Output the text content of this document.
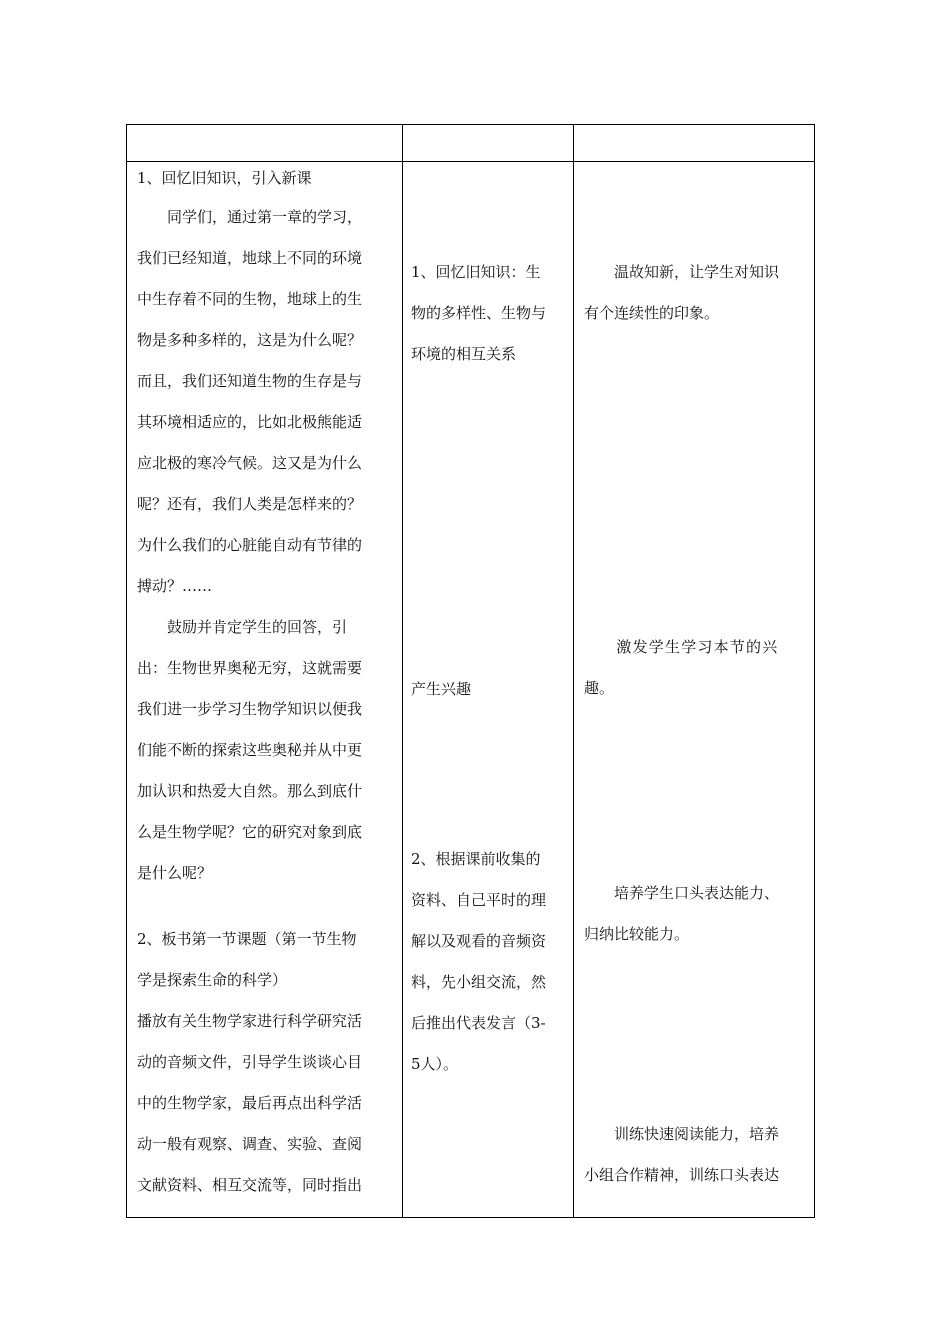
1、回忆旧知识，引入新课
　　同学们，通过第一章的学习，
我们已经知道，地球上不同的环境
中生存着不同的生物，地球上的生
物是多种多样的，这是为什么呢？
而且，我们还知道生物的生存是与
其环境相适应的，比如北极熊能适
应北极的寒冷气候。这又是为什么
呢？还有，我们人类是怎样来的？
为什么我们的心脏能自动有节律的
搏动？……
　　鼓励并肯定学生的回答，引
出：生物世界奥秘无穷，这就需要
我们进一步学习生物学知识以便我
们能不断的探索这些奥秘并从中更
加认识和热爱大自然。那么到底什
么是生物学呢？它的研究对象到底
是什么呢？
2、板书第一节课题（第一节生物
学是探索生命的科学）
播放有关生物学家进行科学研究活
动的音频文件，引导学生谈谈心目
中的生物学家，最后再点出科学活
动一般有观察、调查、实验、查阅
文献资料、相互交流等，同时指出
1、回忆旧知识：生
物的多样性、生物与
环境的相互关系
产生兴趣
2、根据课前收集的
资料、自己平时的理
解以及观看的音频资
料，先小组交流，然
后推出代表发言（3-
5人）。
　　温故知新，让学生对知识
有个连续性的印象。
　　激发学生学习本节的兴
趣。
　　培养学生口头表达能力、
归纳比较能力。
　　训练快速阅读能力，培养
小组合作精神，训练口头表达
